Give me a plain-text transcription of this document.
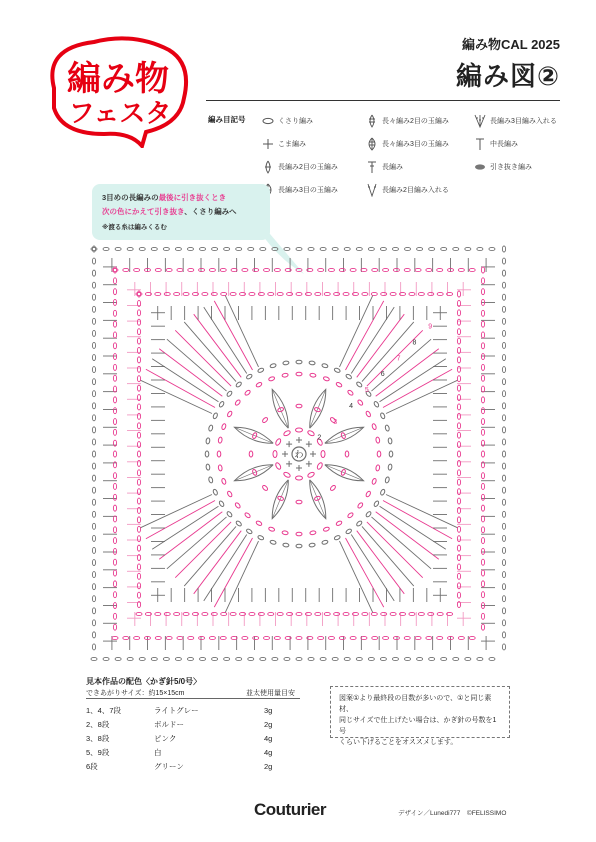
編み物
フェスタ
編み物CAL 2025
編み図②
編み目記号	くさり編み	長々編み2目の玉編み	長編み3目編み入れる
こま編み	長々編み3目の玉編み	中長編み
長編み2目の玉編み	長編み	引き抜き編み
長編み3目の玉編み	長編み2目編み入れる
3目めの長編みの最後に引き抜くとき
次の色にかえて引き抜き、くさり編みへ
※渡る糸は編みくるむ
わ
2
3
4
5
6
7
8
9
見本作品の配色〈かぎ針5/0号〉
できあがりサイズ：約15×15cm	並太使用量目安
1、4、7段	ライトグレー	3g
2、8段	ボルドー	2g
3、8段	ピンク	4g
5、9段	白	4g
6段	グリーン	2g
図案①より最終段の目数が多いので、①と同じ素材、
同じサイズで仕上げたい場合は、かぎ針の号数を1号
くらい下げることをオススメします。
Couturier	デザイン／Lunedi777　©FELISSIMO
